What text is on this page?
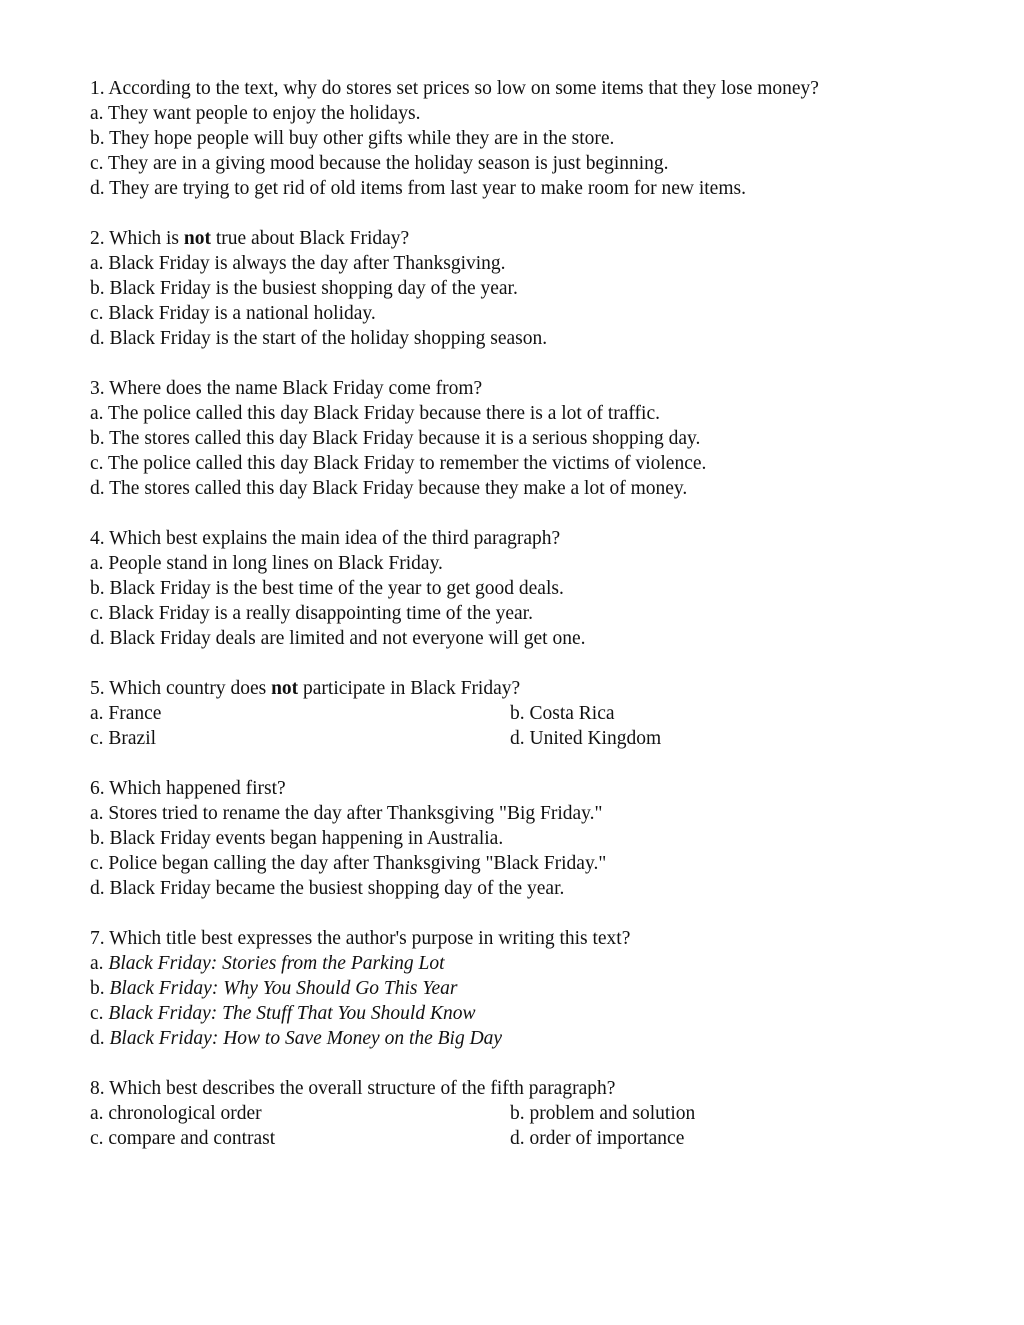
1. According to the text, why do stores set prices so low on some items that they lose money?
a. They want people to enjoy the holidays.
b. They hope people will buy other gifts while they are in the store.
c. They are in a giving mood because the holiday season is just beginning.
d. They are trying to get rid of old items from last year to make room for new items.
2. Which is not true about Black Friday?
a. Black Friday is always the day after Thanksgiving.
b. Black Friday is the busiest shopping day of the year.
c. Black Friday is a national holiday.
d. Black Friday is the start of the holiday shopping season.
3. Where does the name Black Friday come from?
a. The police called this day Black Friday because there is a lot of traffic.
b. The stores called this day Black Friday because it is a serious shopping day.
c. The police called this day Black Friday to remember the victims of violence.
d. The stores called this day Black Friday because they make a lot of money.
4. Which best explains the main idea of the third paragraph?
a. People stand in long lines on Black Friday.
b. Black Friday is the best time of the year to get good deals.
c. Black Friday is a really disappointing time of the year.
d. Black Friday deals are limited and not everyone will get one.
5. Which country does not participate in Black Friday?
a. France	b. Costa Rica
c. Brazil	d. United Kingdom
6. Which happened first?
a. Stores tried to rename the day after Thanksgiving "Big Friday."
b. Black Friday events began happening in Australia.
c. Police began calling the day after Thanksgiving "Black Friday."
d. Black Friday became the busiest shopping day of the year.
7. Which title best expresses the author's purpose in writing this text?
a. Black Friday: Stories from the Parking Lot
b. Black Friday: Why You Should Go This Year
c. Black Friday: The Stuff That You Should Know
d. Black Friday: How to Save Money on the Big Day
8. Which best describes the overall structure of the fifth paragraph?
a. chronological order	b. problem and solution
c. compare and contrast	d. order of importance
